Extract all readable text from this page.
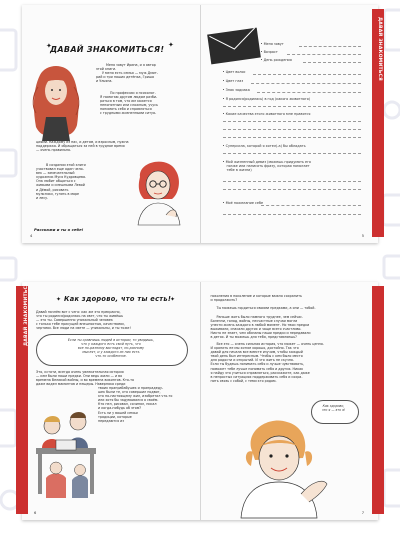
ДАВАЙ ЗНАКОМИТЬСЯ!
✦	✦
Меня зовут Ирина, и я автор
этой книги.
У меня есть семья — муж Дмит-
рий и три наших детёнка, Гриша
и Ульяна.
По профессии я психолог.
Я помогаю другим людям разби-
раться в том, что им кажется
непонятным или сложным, учусь
понимать себя и справляться
с трудными жизненными ситуа-
циями. Каждому из нас, и детям, и взрослым, нужна
поддержка. И обращаться за ней в трудное время
— очень правильно.
В создании этой книги
участвовал еще один чело-
век — замечательный
художник Муся Кудрявцева.
Она любит общаться с
живыми и смешными Левой
и Дёмой, рисовать
мультики, гулять в море
и лесу.
Расскажи и ты о себе!
4
ДАВАЙ ЗНАКОМИТЬСЯ
• Меня зовут
• Возраст
• День рождения
• Цвет волос
• Цвет глаз
• Знак зодиака
• Я родился(родилась) в год (какого животного)
• Какие качества этого животного мне нравятся
• Суперсила, которой я хотел(-а) бы обладать
• Мой жизненный девиз (можешь придумать его
позже или написать фразу, которая помогает
тебе в жизни)
• Моё пожелание себе
5
ДАВАЙ ЗНАКОМИТЬСЯ	Как здорово, что ты есть!
✦	✦
Давай начнём вот с чего: как же это прекрасно,
что ты родился/родилась на свет, что ты живёшь
— это ты. Совершенно уникальный человек
с только тебе присущей внешностью, качествами,
чертами. Все люди на свете — уникальны, и ты тоже!
Если ты сравнишь людей в истории, то увидишь,
что у каждого есть свой путь, что
все по-разному выглядят, по-разному
мыслят, и у каждого из них есть
что-то особенное.
Это, кстати, всегда очень увлекательная история
— кем были наши предки. Они ведь жили — и во
времена Великой войны, и во времена викингов. Кто-то
даже видел мамонтов и пещеры. Наверняка среди
твоих прапрабабушек и прапрадеду-
шек были те, кто совершил подвиг,
кто по-настоящему жил, изобретал что-то
или хотя бы задумывался о своём.
Кто пел, рисовал, сочинял, писал
и когда-нибудь об этом?
Есть ли у вашей семьи
традиции, которые
передаются из
6
поколения в поколение и которые важно сохранить
и продолжить?
Ты можешь гордиться своими предками, а они — тобой.
Раньше жить было намного труднее, чем сейчас.
Болезни, голод, войны, несчастные случаи могли
унести жизнь каждого в любой момент. Но твои предки
выживали, спасали других и чаще всего счастливо.
Никто не знает, чем обязаны наши предки и передавали
в детях. И ты можешь для тебя, представляешь?
Все это — очень сильная история, что может — очень ценно.
И хранить ее мы хотим хорошо, достойно. Так что
давай для начала все вместе изучим, чтобы каждый
твой день был интересным. Чтобы с кем было место
для радости и открытий. И что жить не скучно.
Если ты будешь понимать себя и лучше чувствовать,
поможет тебе лучше понимать себя и других. Никак
я найду это учиться справляться, расскажите, как даже
в непростых ситуациях поддерживать себя и сохра-
нить связь с собой, с теми кто рядом.
Как здорово,
что я — это я!
7
